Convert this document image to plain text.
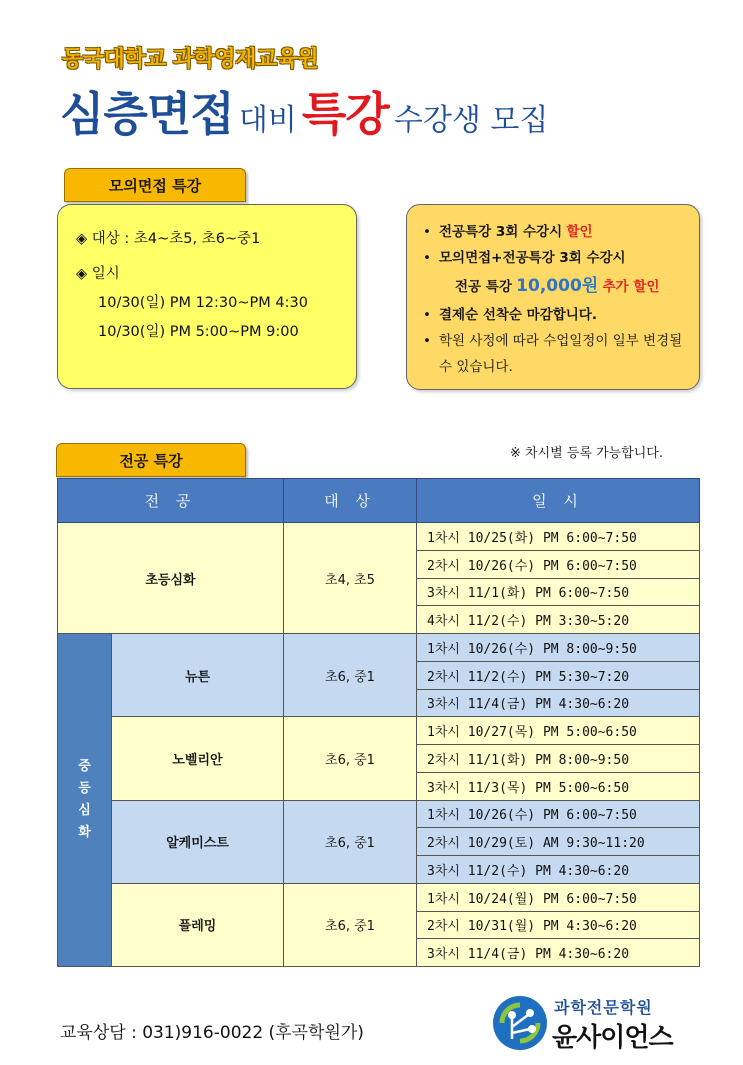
동국대학교 과학영재교육원
심층면접 대비 특강 수강생 모집
모의면접 특강
◈ 대상 : 초4~초5, 초6~중1
◈ 일시
10/30(일) PM 12:30~PM 4:30
10/30(일) PM 5:00~PM 9:00
• 전공특강 3회 수강시 할인
• 모의면접+전공특강 3회 수강시
전공 특강 10,000원 추가 할인
• 결제순 선착순 마감합니다.
• 학원 사정에 따라 수업일정이 일부 변경될 수 있습니다.
전공 특강	※ 차시별 등록 가능합니다.
전 공		대 상	일 시
초등심화		초4, 초5	1차시 10/25(화) PM 6:00~7:50
			2차시 10/26(수) PM 6:00~7:50
			3차시 11/1(화) PM 6:00~7:50
			4차시 11/2(수) PM 3:30~5:20
중
등
심
화	뉴튼	초6, 중1	1차시 10/26(수) PM 8:00~9:50
			2차시 11/2(수) PM 5:30~7:20
			3차시 11/4(금) PM 4:30~6:20
	노벨리안	초6, 중1	1차시 10/27(목) PM 5:00~6:50
			2차시 11/1(화) PM 8:00~9:50
			3차시 11/3(목) PM 5:00~6:50
	알케미스트	초6, 중1	1차시 10/26(수) PM 6:00~7:50
			2차시 10/29(토) AM 9:30~11:20
			3차시 11/2(수) PM 4:30~6:20
	플레밍	초6, 중1	1차시 10/24(월) PM 6:00~7:50
			2차시 10/31(월) PM 4:30~6:20
			3차시 11/4(금) PM 4:30~6:20
교육상담 : 031)916-0022 (후곡학원가)
과학전문학원
윤사이언스
